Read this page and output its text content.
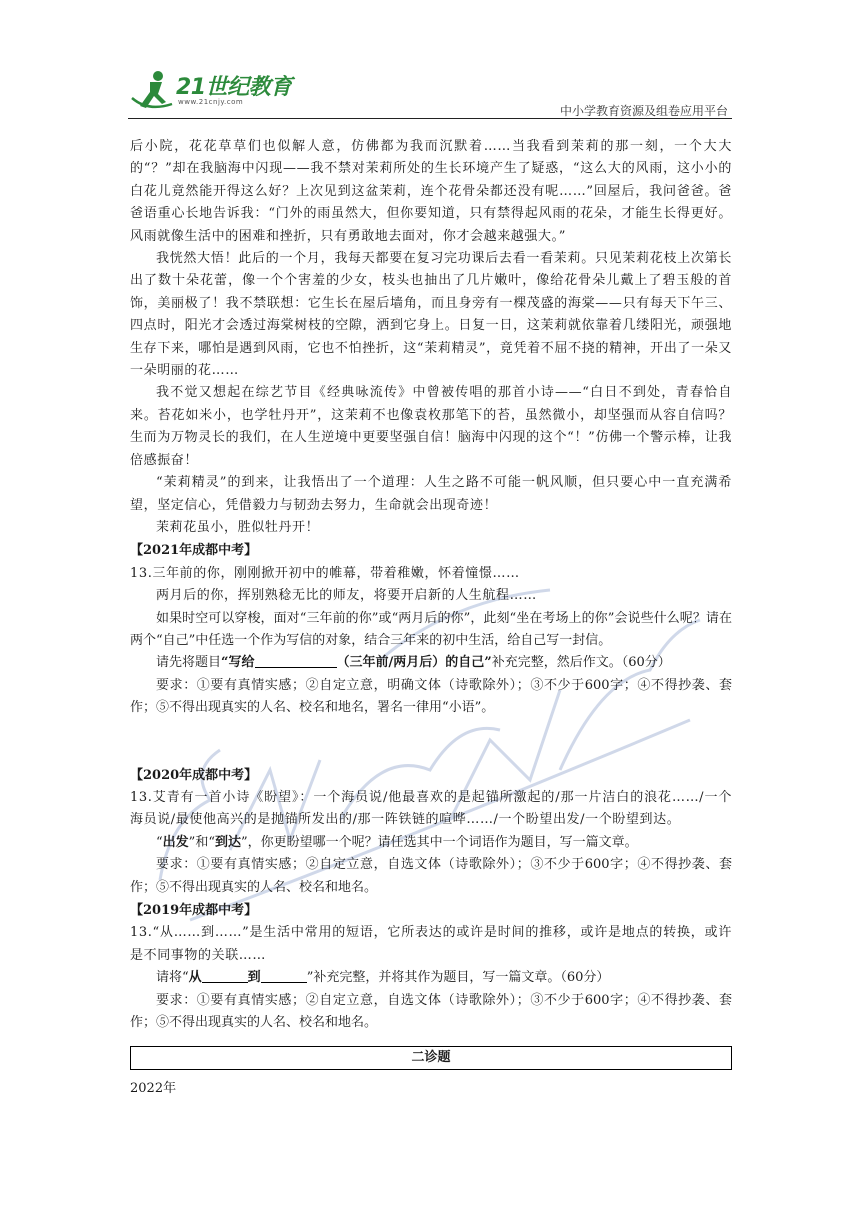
21世纪教育
www.21cnjy.com
中小学教育资源及组卷应用平台

后小院，花花草草们也似解人意，仿佛都为我而沉默着……当我看到茉莉的那一刻，一个大大的“？”却在我脑海中闪现——我不禁对茉莉所处的生长环境产生了疑惑，“这么大的风雨，这小小的白花儿竟然能开得这么好？上次见到这盆茉莉，连个花骨朵都还没有呢……”回屋后，我问爸爸。爸爸语重心长地告诉我：“门外的雨虽然大，但你要知道，只有禁得起风雨的花朵，才能生长得更好。风雨就像生活中的困难和挫折，只有勇敢地去面对，你才会越来越强大。”

我恍然大悟！此后的一个月，我每天都要在复习完功课后去看一看茉莉。只见茉莉花枝上次第长出了数十朵花蕾，像一个个害羞的少女，枝头也抽出了几片嫩叶，像给花骨朵儿戴上了碧玉般的首饰，美丽极了！我不禁联想：它生长在屋后墙角，而且身旁有一棵茂盛的海棠——只有每天下午三、四点时，阳光才会透过海棠树枝的空隙，洒到它身上。日复一日，这茉莉就依靠着几缕阳光，顽强地生存下来，哪怕是遇到风雨，它也不怕挫折，这“茉莉精灵”，竟凭着不屈不挠的精神，开出了一朵又一朵明丽的花……

我不觉又想起在综艺节目《经典咏流传》中曾被传唱的那首小诗——“白日不到处，青春恰自来。苔花如米小，也学牡丹开”，这茉莉不也像袁枚那笔下的苔，虽然微小，却坚强而从容自信吗？生而为万物灵长的我们，在人生逆境中更要坚强自信！脑海中闪现的这个“！”仿佛一个警示棒，让我倍感振奋！

“茉莉精灵”的到来，让我悟出了一个道理：人生之路不可能一帆风顺，但只要心中一直充满希望，坚定信心，凭借毅力与韧劲去努力，生命就会出现奇迹！

茉莉花虽小，胜似牡丹开！

【2021年成都中考】

13.三年前的你，刚刚掀开初中的帷幕，带着稚嫩，怀着憧憬……

两月后的你，挥别熟稔无比的师友，将要开启新的人生航程……

如果时空可以穿梭，面对“三年前的你”或“两月后的你”，此刻“坐在考场上的你”会说些什么呢？请在两个“自己”中任选一个作为写信的对象，结合三年来的初中生活，给自己写一封信。

请先将题目“写给	（三年前/两月后）的自己”补充完整，然后作文。（60分）

要求：①要有真情实感；②自定立意，明确文体（诗歌除外）；③不少于600字；④不得抄袭、套作；⑤不得出现真实的人名、校名和地名，署名一律用“小语”。

【2020年成都中考】

13.艾青有一首小诗《盼望》：一个海员说/他最喜欢的是起锚所激起的/那一片洁白的浪花……/一个海员说/最使他高兴的是抛锚所发出的/那一阵铁链的喧哗……/一个盼望出发/一个盼望到达。

“出发”和“到达”，你更盼望哪一个呢？请任选其中一个词语作为题目，写一篇文章。

要求：①要有真情实感；②自定立意，自选文体（诗歌除外）；③不少于600字；④不得抄袭、套作；⑤不得出现真实的人名、校名和地名。

【2019年成都中考】

13.“从……到……”是生活中常用的短语，它所表达的或许是时间的推移，或许是地点的转换，或许是不同事物的关联……

请将“从	到	”补充完整，并将其作为题目，写一篇文章。（60分）

要求：①要有真情实感；②自定立意，自选文体（诗歌除外）；③不少于600字；④不得抄袭、套作；⑤不得出现真实的人名、校名和地名。

二诊题

2022年
